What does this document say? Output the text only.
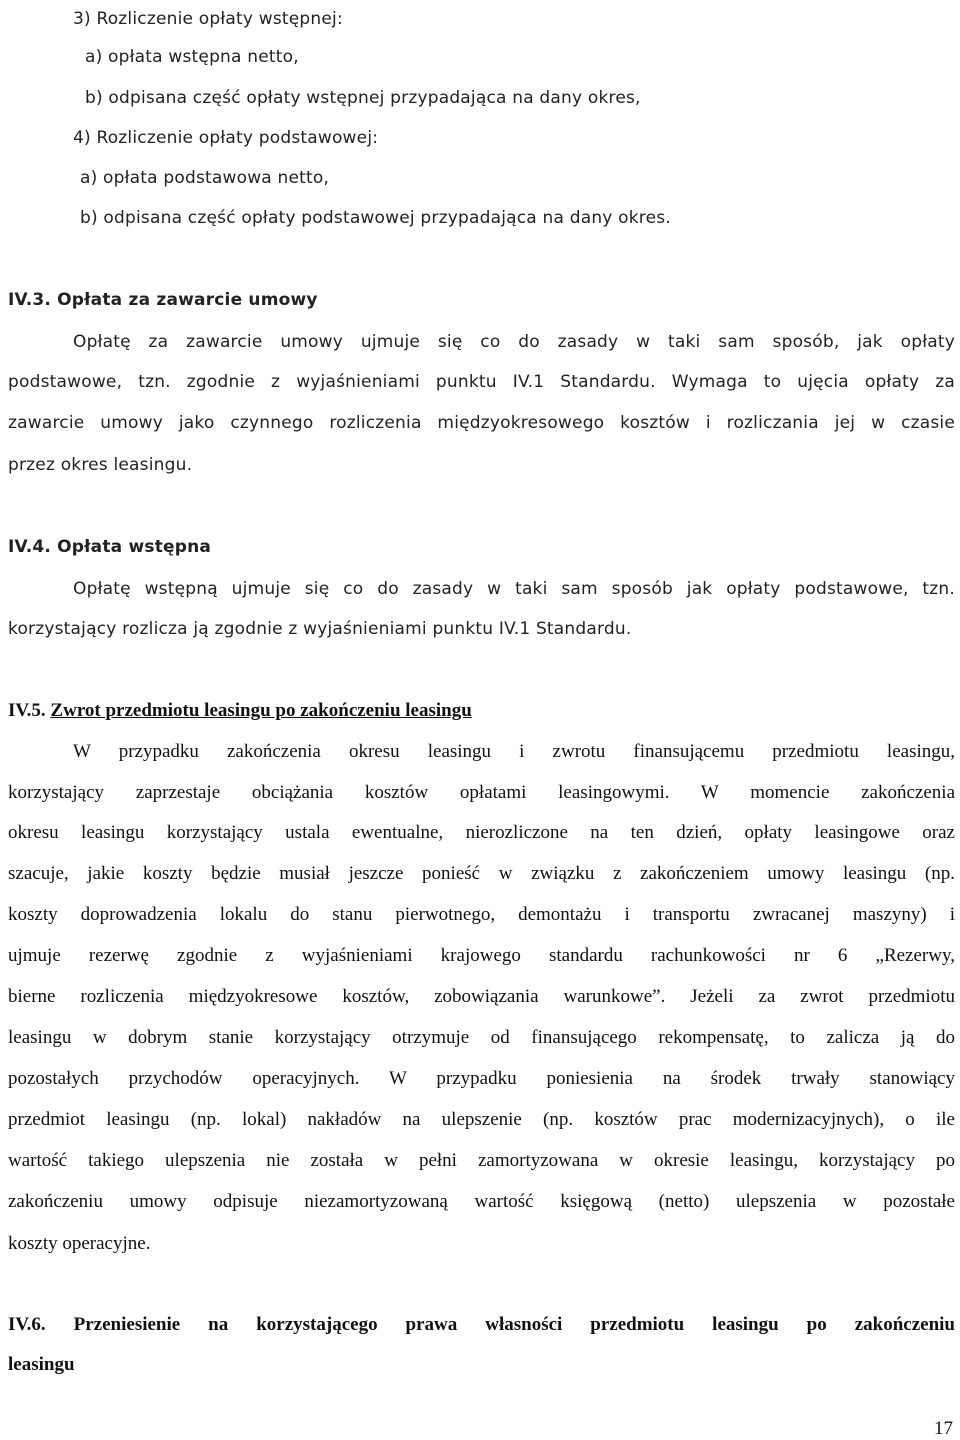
3) Rozliczenie opłaty wstępnej:
a) opłata wstępna netto,
b) odpisana część opłaty wstępnej przypadająca na dany okres,
4) Rozliczenie opłaty podstawowej:
a) opłata podstawowa netto,
b) odpisana część opłaty podstawowej przypadająca na dany okres.
IV.3. Opłata za zawarcie umowy
Opłatę za zawarcie umowy ujmuje się co do zasady w taki sam sposób, jak opłaty
podstawowe, tzn. zgodnie z wyjaśnieniami punktu IV.1 Standardu. Wymaga to ujęcia opłaty za
zawarcie umowy jako czynnego rozliczenia międzyokresowego kosztów i rozliczania jej w czasie
przez okres leasingu.
IV.4. Opłata wstępna
Opłatę wstępną ujmuje się co do zasady w taki sam sposób jak opłaty podstawowe, tzn.
korzystający rozlicza ją zgodnie z wyjaśnieniami punktu IV.1 Standardu.
IV.5. Zwrot przedmiotu leasingu po zakończeniu leasingu
W przypadku zakończenia okresu leasingu i zwrotu finansującemu przedmiotu leasingu,
korzystający zaprzestaje obciążania kosztów opłatami leasingowymi. W momencie zakończenia
okresu leasingu korzystający ustala ewentualne, nierozliczone na ten dzień, opłaty leasingowe oraz
szacuje, jakie koszty będzie musiał jeszcze ponieść w związku z zakończeniem umowy leasingu (np.
koszty doprowadzenia lokalu do stanu pierwotnego, demontażu i transportu zwracanej maszyny) i
ujmuje rezerwę zgodnie z wyjaśnieniami krajowego standardu rachunkowości nr 6 „Rezerwy,
bierne rozliczenia międzyokresowe kosztów, zobowiązania warunkowe”. Jeżeli za zwrot przedmiotu
leasingu w dobrym stanie korzystający otrzymuje od finansującego rekompensatę, to zalicza ją do
pozostałych przychodów operacyjnych. W przypadku poniesienia na środek trwały stanowiący
przedmiot leasingu (np. lokal) nakładów na ulepszenie (np. kosztów prac modernizacyjnych), o ile
wartość takiego ulepszenia nie została w pełni zamortyzowana w okresie leasingu, korzystający po
zakończeniu umowy odpisuje niezamortyzowaną wartość księgową (netto) ulepszenia w pozostałe
koszty operacyjne.
IV.6. Przeniesienie na korzystającego prawa własności przedmiotu leasingu po zakończeniu
leasingu
17
